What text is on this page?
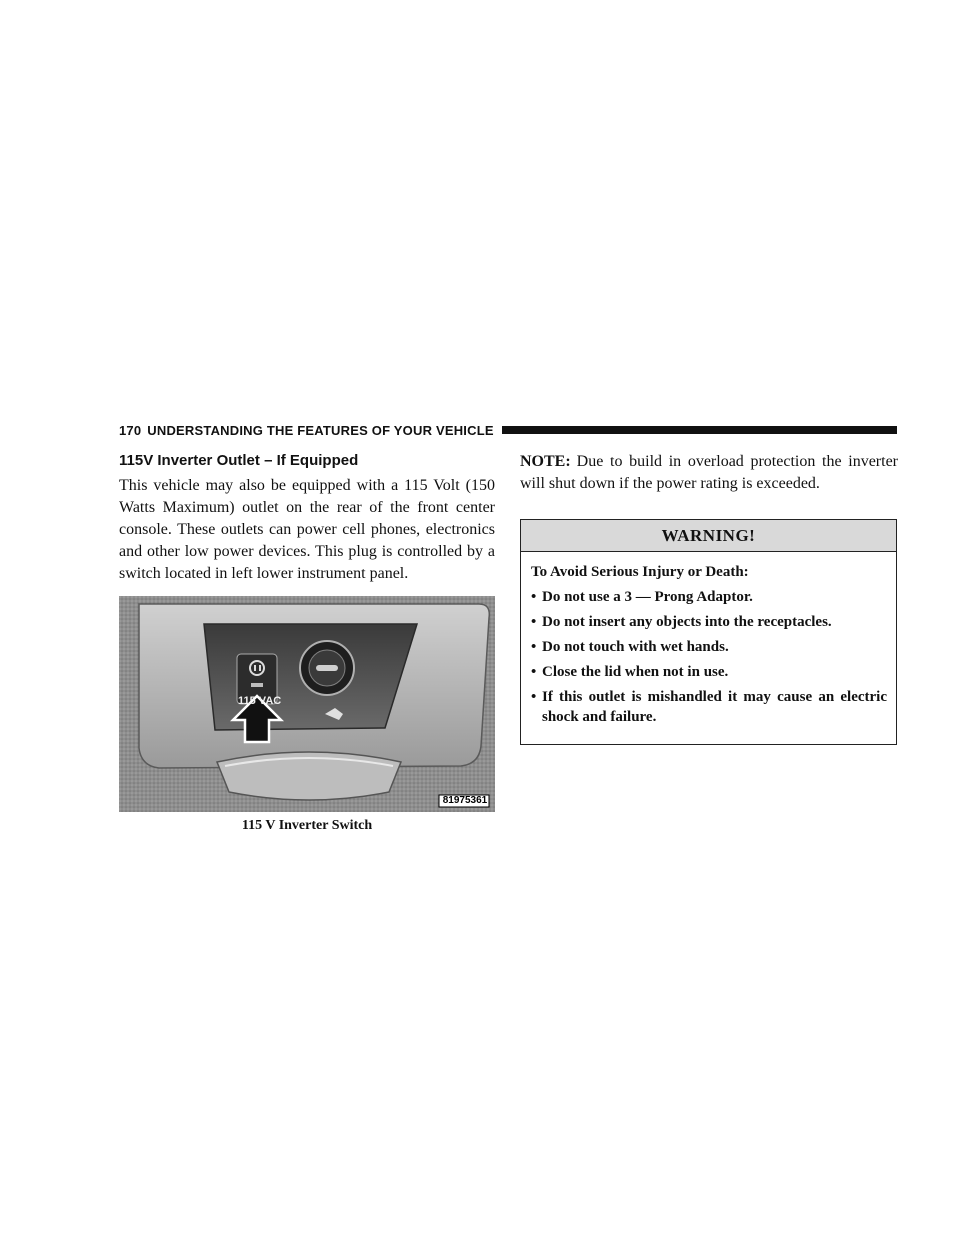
170 UNDERSTANDING THE FEATURES OF YOUR VEHICLE
115V Inverter Outlet – If Equipped

This vehicle may also be equipped with a 115 Volt (150 Watts Maximum) outlet on the rear of the front center console. These outlets can power cell phones, electronics and other low power devices. This plug is controlled by a switch located in left lower instrument panel.

115 VAC
81975361
115 V Inverter Switch

NOTE: Due to build in overload protection the inverter will shut down if the power rating is exceeded.

WARNING!

To Avoid Serious Injury or Death:

• Do not use a 3 — Prong Adaptor.
• Do not insert any objects into the receptacles.
• Do not touch with wet hands.
• Close the lid when not in use.
• If this outlet is mishandled it may cause an electric shock and failure.
